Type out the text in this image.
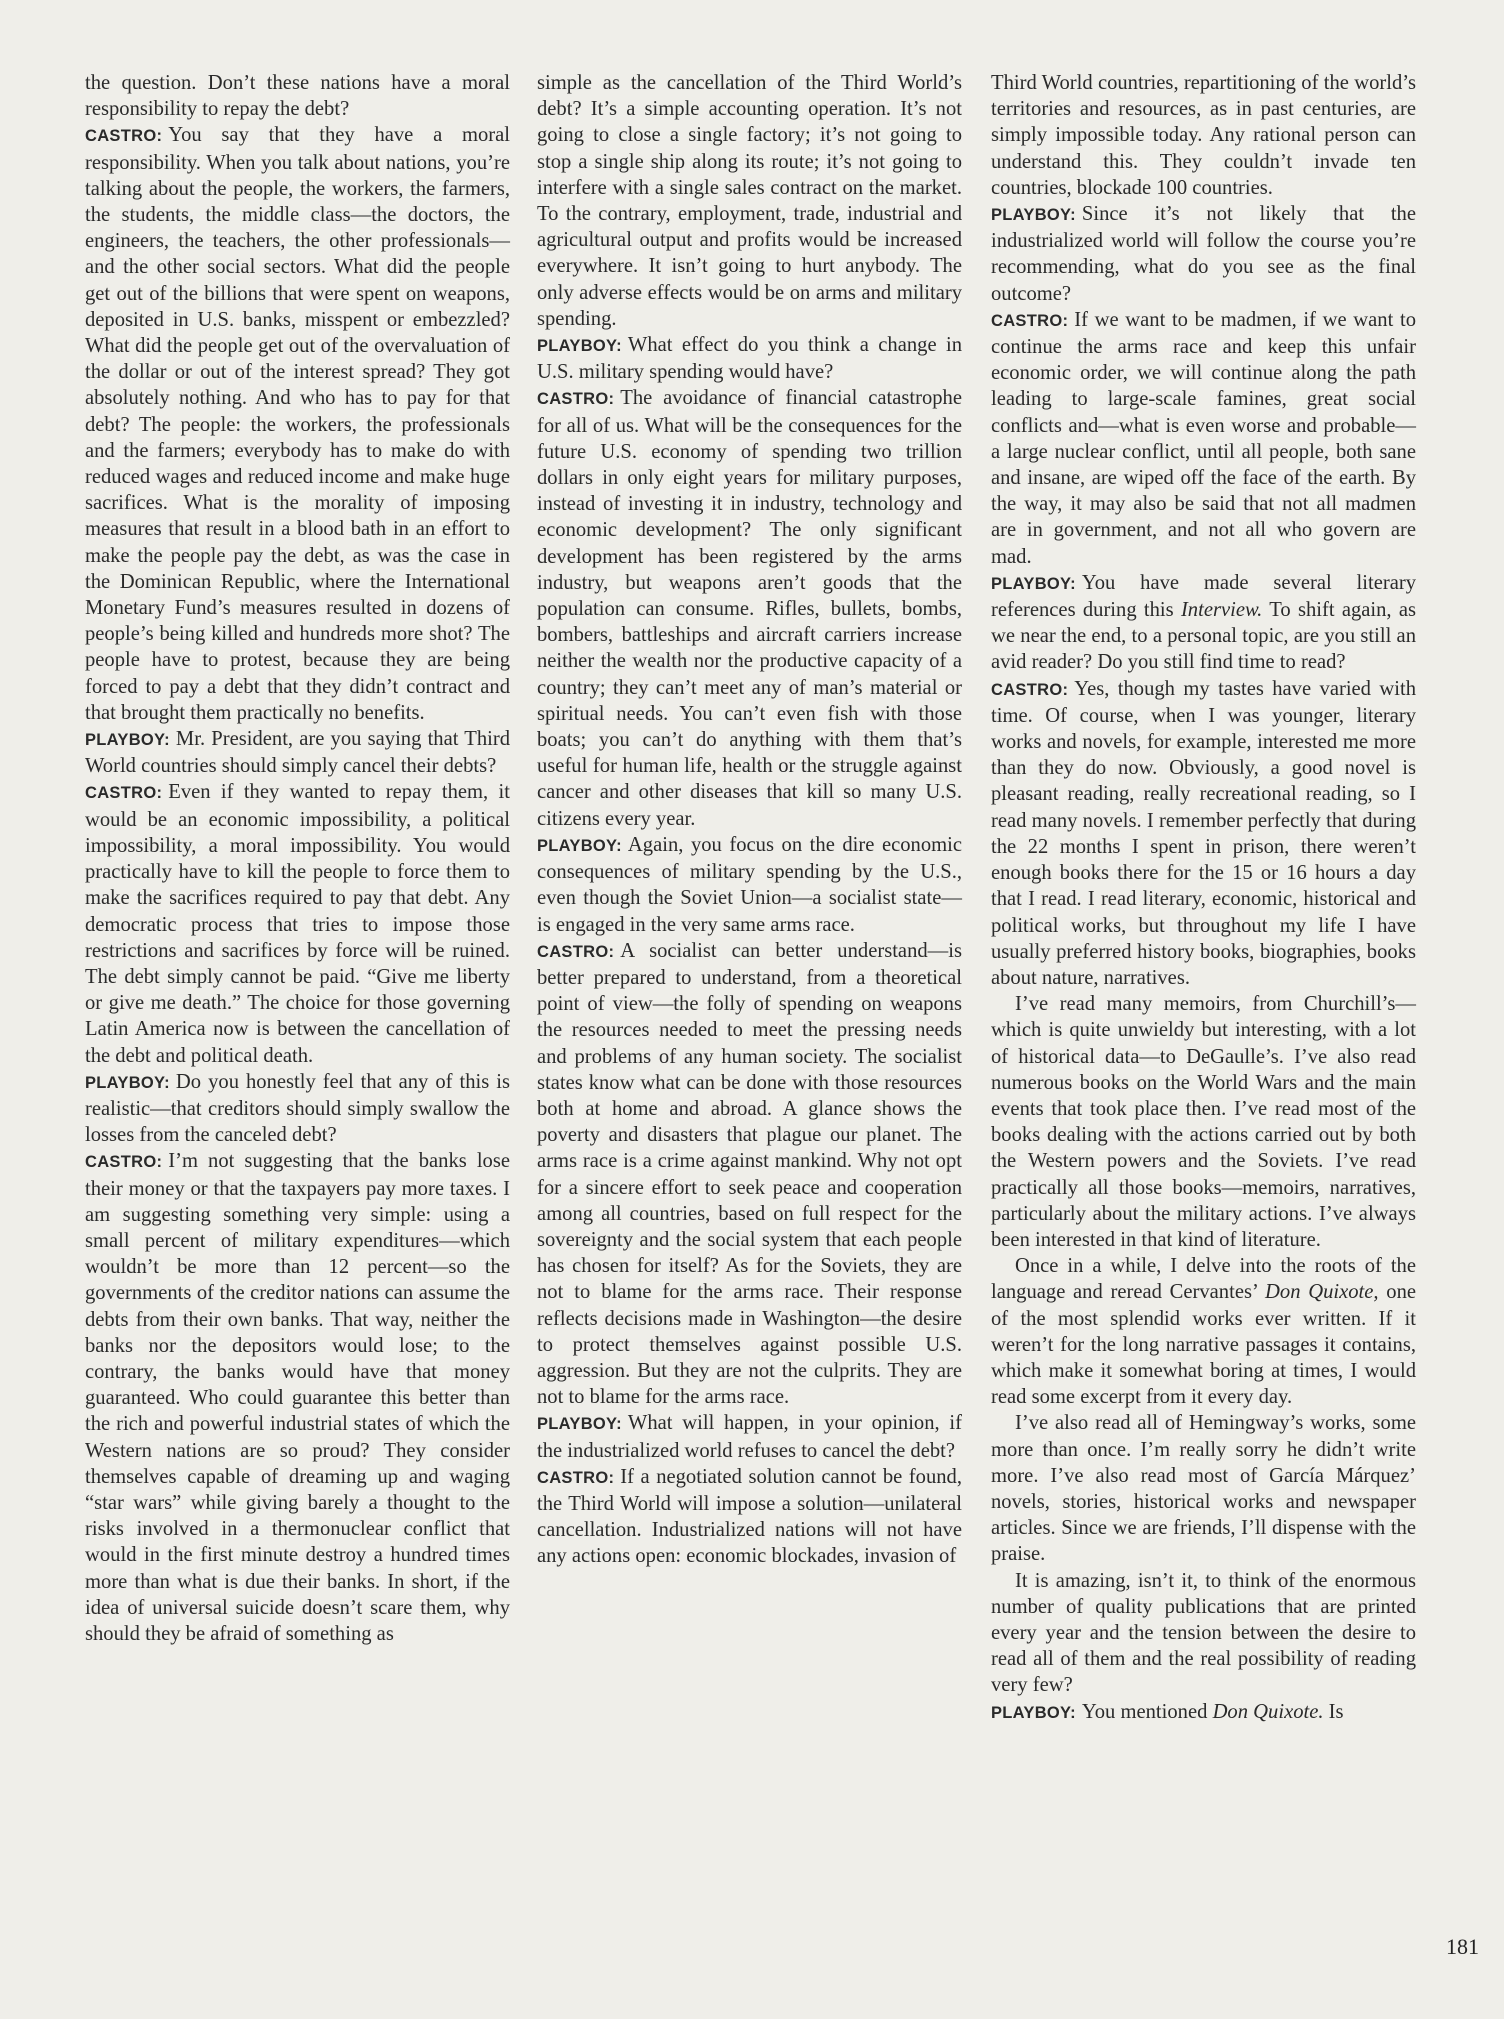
the question. Don’t these nations have a moral responsibility to repay the debt?

CASTRO: You say that they have a moral responsibility. When you talk about nations, you’re talking about the people, the workers, the farmers, the students, the middle class—the doctors, the engineers, the teachers, the other professionals—and the other social sectors. What did the people get out of the billions that were spent on weapons, deposited in U.S. banks, misspent or embezzled? What did the people get out of the overvaluation of the dollar or out of the interest spread? They got absolutely nothing. And who has to pay for that debt? The people: the workers, the professionals and the farmers; everybody has to make do with reduced wages and reduced income and make huge sacrifices. What is the morality of imposing measures that result in a blood bath in an effort to make the people pay the debt, as was the case in the Dominican Republic, where the International Monetary Fund’s measures resulted in dozens of people’s being killed and hundreds more shot? The people have to protest, because they are being forced to pay a debt that they didn’t contract and that brought them practically no benefits.

PLAYBOY: Mr. President, are you saying that Third World countries should simply cancel their debts?

CASTRO: Even if they wanted to repay them, it would be an economic impossibility, a political impossibility, a moral impossibility. You would practically have to kill the people to force them to make the sacrifices required to pay that debt. Any democratic process that tries to impose those restrictions and sacrifices by force will be ruined. The debt simply cannot be paid. “Give me liberty or give me death.” The choice for those governing Latin America now is between the cancellation of the debt and political death.

PLAYBOY: Do you honestly feel that any of this is realistic—that creditors should simply swallow the losses from the canceled debt?

CASTRO: I’m not suggesting that the banks lose their money or that the taxpayers pay more taxes. I am suggesting something very simple: using a small percent of military expenditures—which wouldn’t be more than 12 percent—so the governments of the creditor nations can assume the debts from their own banks. That way, neither the banks nor the depositors would lose; to the contrary, the banks would have that money guaranteed. Who could guarantee this better than the rich and powerful industrial states of which the Western nations are so proud? They consider themselves capable of dreaming up and waging “star wars” while giving barely a thought to the risks involved in a thermonuclear conflict that would in the first minute destroy a hundred times more than what is due their banks. In short, if the idea of universal suicide doesn’t scare them, why should they be afraid of something as

simple as the cancellation of the Third World’s debt? It’s a simple accounting operation. It’s not going to close a single factory; it’s not going to stop a single ship along its route; it’s not going to interfere with a single sales contract on the market. To the contrary, employment, trade, industrial and agricultural output and profits would be increased everywhere. It isn’t going to hurt anybody. The only adverse effects would be on arms and military spending.

PLAYBOY: What effect do you think a change in U.S. military spending would have?

CASTRO: The avoidance of financial catastrophe for all of us. What will be the consequences for the future U.S. economy of spending two trillion dollars in only eight years for military purposes, instead of investing it in industry, technology and economic development? The only significant development has been registered by the arms industry, but weapons aren’t goods that the population can consume. Rifles, bullets, bombs, bombers, battleships and aircraft carriers increase neither the wealth nor the productive capacity of a country; they can’t meet any of man’s material or spiritual needs. You can’t even fish with those boats; you can’t do anything with them that’s useful for human life, health or the struggle against cancer and other diseases that kill so many U.S. citizens every year.

PLAYBOY: Again, you focus on the dire economic consequences of military spending by the U.S., even though the Soviet Union—a socialist state—is engaged in the very same arms race.

CASTRO: A socialist can better understand—is better prepared to understand, from a theoretical point of view—the folly of spending on weapons the resources needed to meet the pressing needs and problems of any human society. The socialist states know what can be done with those resources both at home and abroad. A glance shows the poverty and disasters that plague our planet. The arms race is a crime against mankind. Why not opt for a sincere effort to seek peace and cooperation among all countries, based on full respect for the sovereignty and the social system that each people has chosen for itself? As for the Soviets, they are not to blame for the arms race. Their response reflects decisions made in Washington—the desire to protect themselves against possible U.S. aggression. But they are not the culprits. They are not to blame for the arms race.

PLAYBOY: What will happen, in your opinion, if the industrialized world refuses to cancel the debt?

CASTRO: If a negotiated solution cannot be found, the Third World will impose a solution—unilateral cancellation. Industrialized nations will not have any actions open: economic blockades, invasion of

Third World countries, repartitioning of the world’s territories and resources, as in past centuries, are simply impossible today. Any rational person can understand this. They couldn’t invade ten countries, blockade 100 countries.

PLAYBOY: Since it’s not likely that the industrialized world will follow the course you’re recommending, what do you see as the final outcome?

CASTRO: If we want to be madmen, if we want to continue the arms race and keep this unfair economic order, we will continue along the path leading to large-scale famines, great social conflicts and—what is even worse and probable—a large nuclear conflict, until all people, both sane and insane, are wiped off the face of the earth. By the way, it may also be said that not all madmen are in government, and not all who govern are mad.

PLAYBOY: You have made several literary references during this Interview. To shift again, as we near the end, to a personal topic, are you still an avid reader? Do you still find time to read?

CASTRO: Yes, though my tastes have varied with time. Of course, when I was younger, literary works and novels, for example, interested me more than they do now. Obviously, a good novel is pleasant reading, really recreational reading, so I read many novels. I remember perfectly that during the 22 months I spent in prison, there weren’t enough books there for the 15 or 16 hours a day that I read. I read literary, economic, historical and political works, but throughout my life I have usually preferred history books, biographies, books about nature, narratives.

I’ve read many memoirs, from Churchill’s—which is quite unwieldy but interesting, with a lot of historical data—to DeGaulle’s. I’ve also read numerous books on the World Wars and the main events that took place then. I’ve read most of the books dealing with the actions carried out by both the Western powers and the Soviets. I’ve read practically all those books—memoirs, narratives, particularly about the military actions. I’ve always been interested in that kind of literature.

Once in a while, I delve into the roots of the language and reread Cervantes’ Don Quixote, one of the most splendid works ever written. If it weren’t for the long narrative passages it contains, which make it somewhat boring at times, I would read some excerpt from it every day.

I’ve also read all of Hemingway’s works, some more than once. I’m really sorry he didn’t write more. I’ve also read most of García Márquez’ novels, stories, historical works and newspaper articles. Since we are friends, I’ll dispense with the praise.

It is amazing, isn’t it, to think of the enormous number of quality publications that are printed every year and the tension between the desire to read all of them and the real possibility of reading very few?

PLAYBOY: You mentioned Don Quixote. Is

181
